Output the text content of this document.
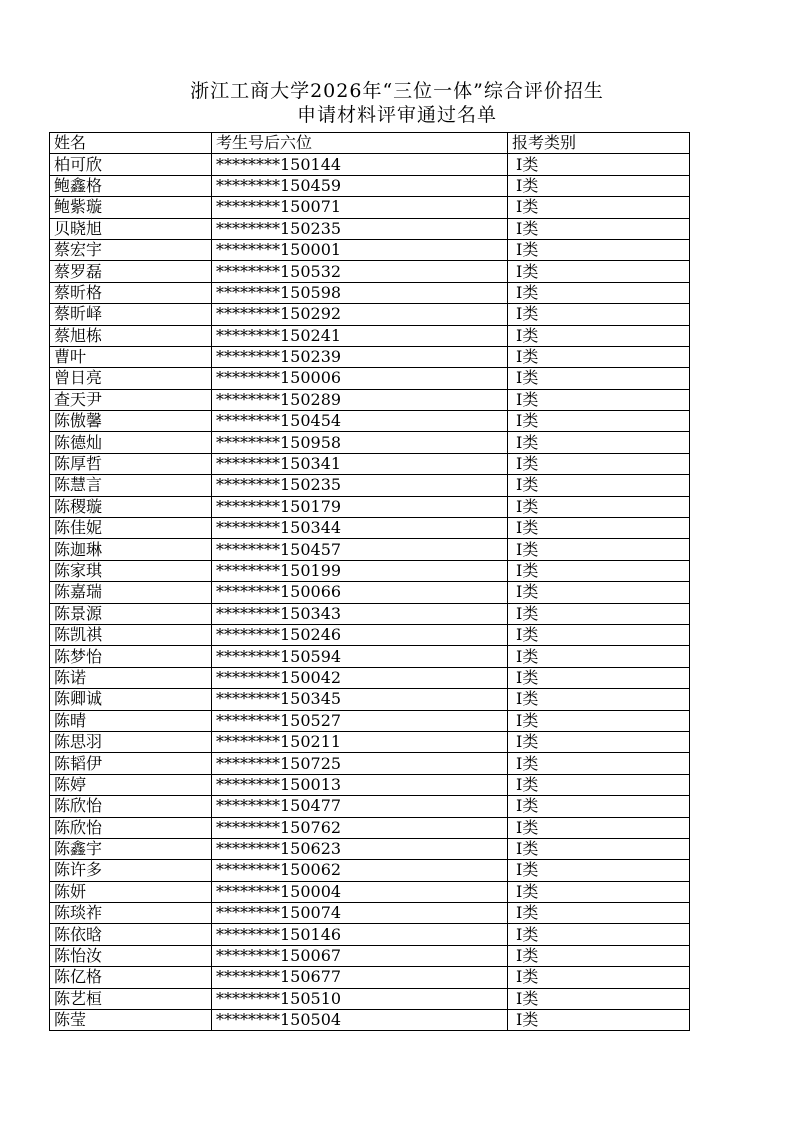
浙江工商大学2026年“三位一体”综合评价招生
申请材料评审通过名单
姓名	考生号后六位	报考类别
柏可欣	********150144	Ⅰ类
鲍鑫格	********150459	Ⅰ类
鲍紫璇	********150071	Ⅰ类
贝晓旭	********150235	Ⅰ类
蔡宏宇	********150001	Ⅰ类
蔡罗磊	********150532	Ⅰ类
蔡昕格	********150598	Ⅰ类
蔡昕峄	********150292	Ⅰ类
蔡旭栋	********150241	Ⅰ类
曹叶	********150239	Ⅰ类
曾日亮	********150006	Ⅰ类
查天尹	********150289	Ⅰ类
陈傲馨	********150454	Ⅰ类
陈德灿	********150958	Ⅰ类
陈厚哲	********150341	Ⅰ类
陈慧言	********150235	Ⅰ类
陈稷璇	********150179	Ⅰ类
陈佳妮	********150344	Ⅰ类
陈迦琳	********150457	Ⅰ类
陈家琪	********150199	Ⅰ类
陈嘉瑞	********150066	Ⅰ类
陈景源	********150343	Ⅰ类
陈凯祺	********150246	Ⅰ类
陈梦怡	********150594	Ⅰ类
陈诺	********150042	Ⅰ类
陈卿诚	********150345	Ⅰ类
陈晴	********150527	Ⅰ类
陈思羽	********150211	Ⅰ类
陈韬伊	********150725	Ⅰ类
陈婷	********150013	Ⅰ类
陈欣怡	********150477	Ⅰ类
陈欣怡	********150762	Ⅰ类
陈鑫宇	********150623	Ⅰ类
陈许多	********150062	Ⅰ类
陈妍	********150004	Ⅰ类
陈琰祚	********150074	Ⅰ类
陈依晗	********150146	Ⅰ类
陈怡汝	********150067	Ⅰ类
陈亿格	********150677	Ⅰ类
陈艺桓	********150510	Ⅰ类
陈莹	********150504	Ⅰ类
